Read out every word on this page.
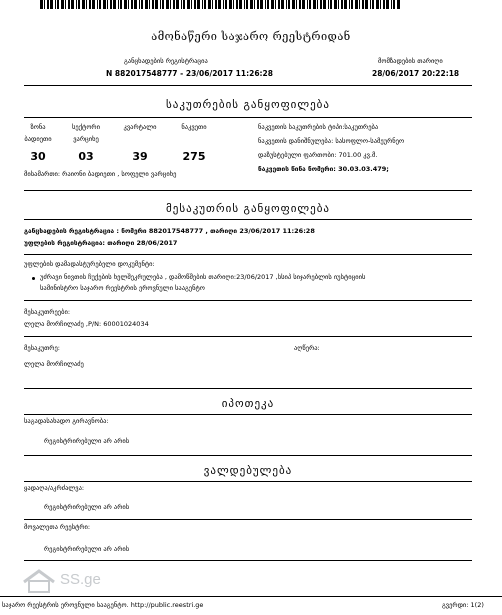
ამონაწერი საჯარო რეესტრიდან
განცხადების რეგისტრაცია
N 882017548777 - 23/06/2017 11:26:28
მომზადების თარიღი
28/06/2017 20:22:18
საკუთრების განყოფილება
ზონა	სექტორი	კვარტალი	ნაკვეთი
ბადიეთი	ვარციხე
30	03	39	275
მისამართი: რაიონი ბადიეთი , სოფელი ვარციხე
ნაკვეთის საკუთრების ტიპი:საკუთრება
ნაკვეთის დანიშნულება: სასოფლო-სამეურნეო
დაზუსტებული ფართობი: 701.00 კვ.მ.
ნაკვეთის წინა ნომერი: 30.03.03.479;
მესაკუთრის განყოფილება
განცხადების რეგისტრაცია : ნომერი 882017548777 , თარიღი 23/06/2017 11:26:28
უფლების რეგისტრაცია: თარიღი 28/06/2017
უფლების დამადასტურებელი დოკუმენტი:
უძრავი ნივთის ჩუქების ხელშეკრულება , დამოწმების თარიღი:23/06/2017 ,სსიპ სიჯარებლის იუსტიციის
სამინისტრო საჯარო რეესტრის ეროვნული სააგენტო
მესაკუთრეები:
ლელა მორჩილაძე ,P/N: 60001024034
მესაკუთრე:	აღწერა:
ლელა მორჩილაძე
იპოთეკა
საგადასახადო გირავნობა:
რეგისტრირებული არ არის
ვალდებულება
ყადაღა/აკრძალვა:
რეგისტრირებული არ არის
მოვალეთა რეესტრი:
რეგისტრირებული არ არის
SS.ge
საჯარო რეესტრის ეროვნული სააგენტო. http://public.reestri.ge	გვერდი: 1(2)
